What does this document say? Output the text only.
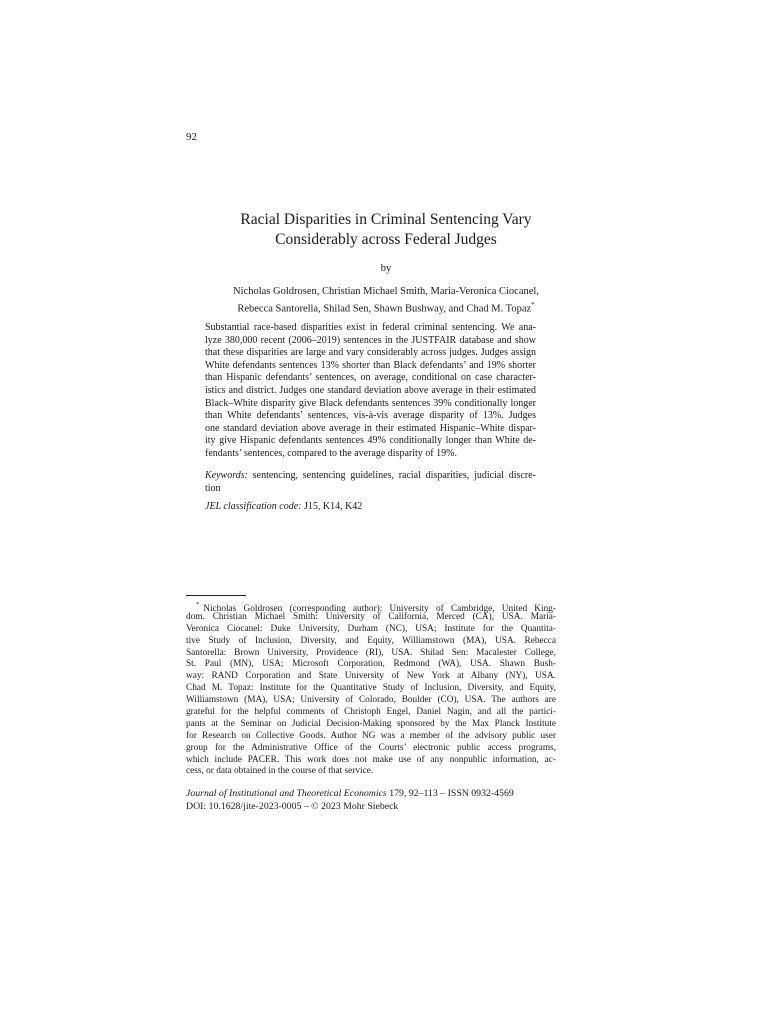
92
Racial Disparities in Criminal Sentencing Vary
Considerably across Federal Judges
by
Nicholas Goldrosen, Christian Michael Smith, Maria-Veronica Ciocanel,
Rebecca Santorella, Shilad Sen, Shawn Bushway, and Chad M. Topaz*
Substantial race-based disparities exist in federal criminal sentencing. We ana-
lyze 380,000 recent (2006–2019) sentences in the JUSTFAIR database and show
that these disparities are large and vary considerably across judges. Judges assign
White defendants sentences 13% shorter than Black defendants’ and 19% shorter
than Hispanic defendants’ sentences, on average, conditional on case character-
istics and district. Judges one standard deviation above average in their estimated
Black–White disparity give Black defendants sentences 39% conditionally longer
than White defendants’ sentences, vis-à-vis average disparity of 13%. Judges
one standard deviation above average in their estimated Hispanic–White dispar-
ity give Hispanic defendants sentences 49% conditionally longer than White de-
fendants’ sentences, compared to the average disparity of 19%.
Keywords: sentencing, sentencing guidelines, racial disparities, judicial discre-
tion
JEL classification code: J15, K14, K42
* Nicholas Goldrosen (corresponding author): University of Cambridge, United King-
dom. Christian Michael Smith: University of California, Merced (CA), USA. Maria-
Veronica Ciocanel: Duke University, Durham (NC), USA; Institute for the Quantita-
tive Study of Inclusion, Diversity, and Equity, Williamstown (MA), USA. Rebecca
Santorella: Brown University, Providence (RI), USA. Shilad Sen: Macalester College,
St. Paul (MN), USA; Microsoft Corporation, Redmond (WA), USA. Shawn Bush-
way: RAND Corporation and State University of New York at Albany (NY), USA.
Chad M. Topaz: Institute for the Quantitative Study of Inclusion, Diversity, and Equity,
Williamstown (MA), USA; University of Colorado, Boulder (CO), USA. The authors are
grateful for the helpful comments of Christoph Engel, Daniel Nagin, and all the partici-
pants at the Seminar on Judicial Decision-Making sponsored by the Max Planck Institute
for Research on Collective Goods. Author NG was a member of the advisory public user
group for the Administrative Office of the Courts’ electronic public access programs,
which include PACER. This work does not make use of any nonpublic information, ac-
cess, or data obtained in the course of that service.
Journal of Institutional and Theoretical Economics 179, 92–113 – ISSN 0932-4569
DOI: 10.1628/jite-2023-0005 – © 2023 Mohr Siebeck
